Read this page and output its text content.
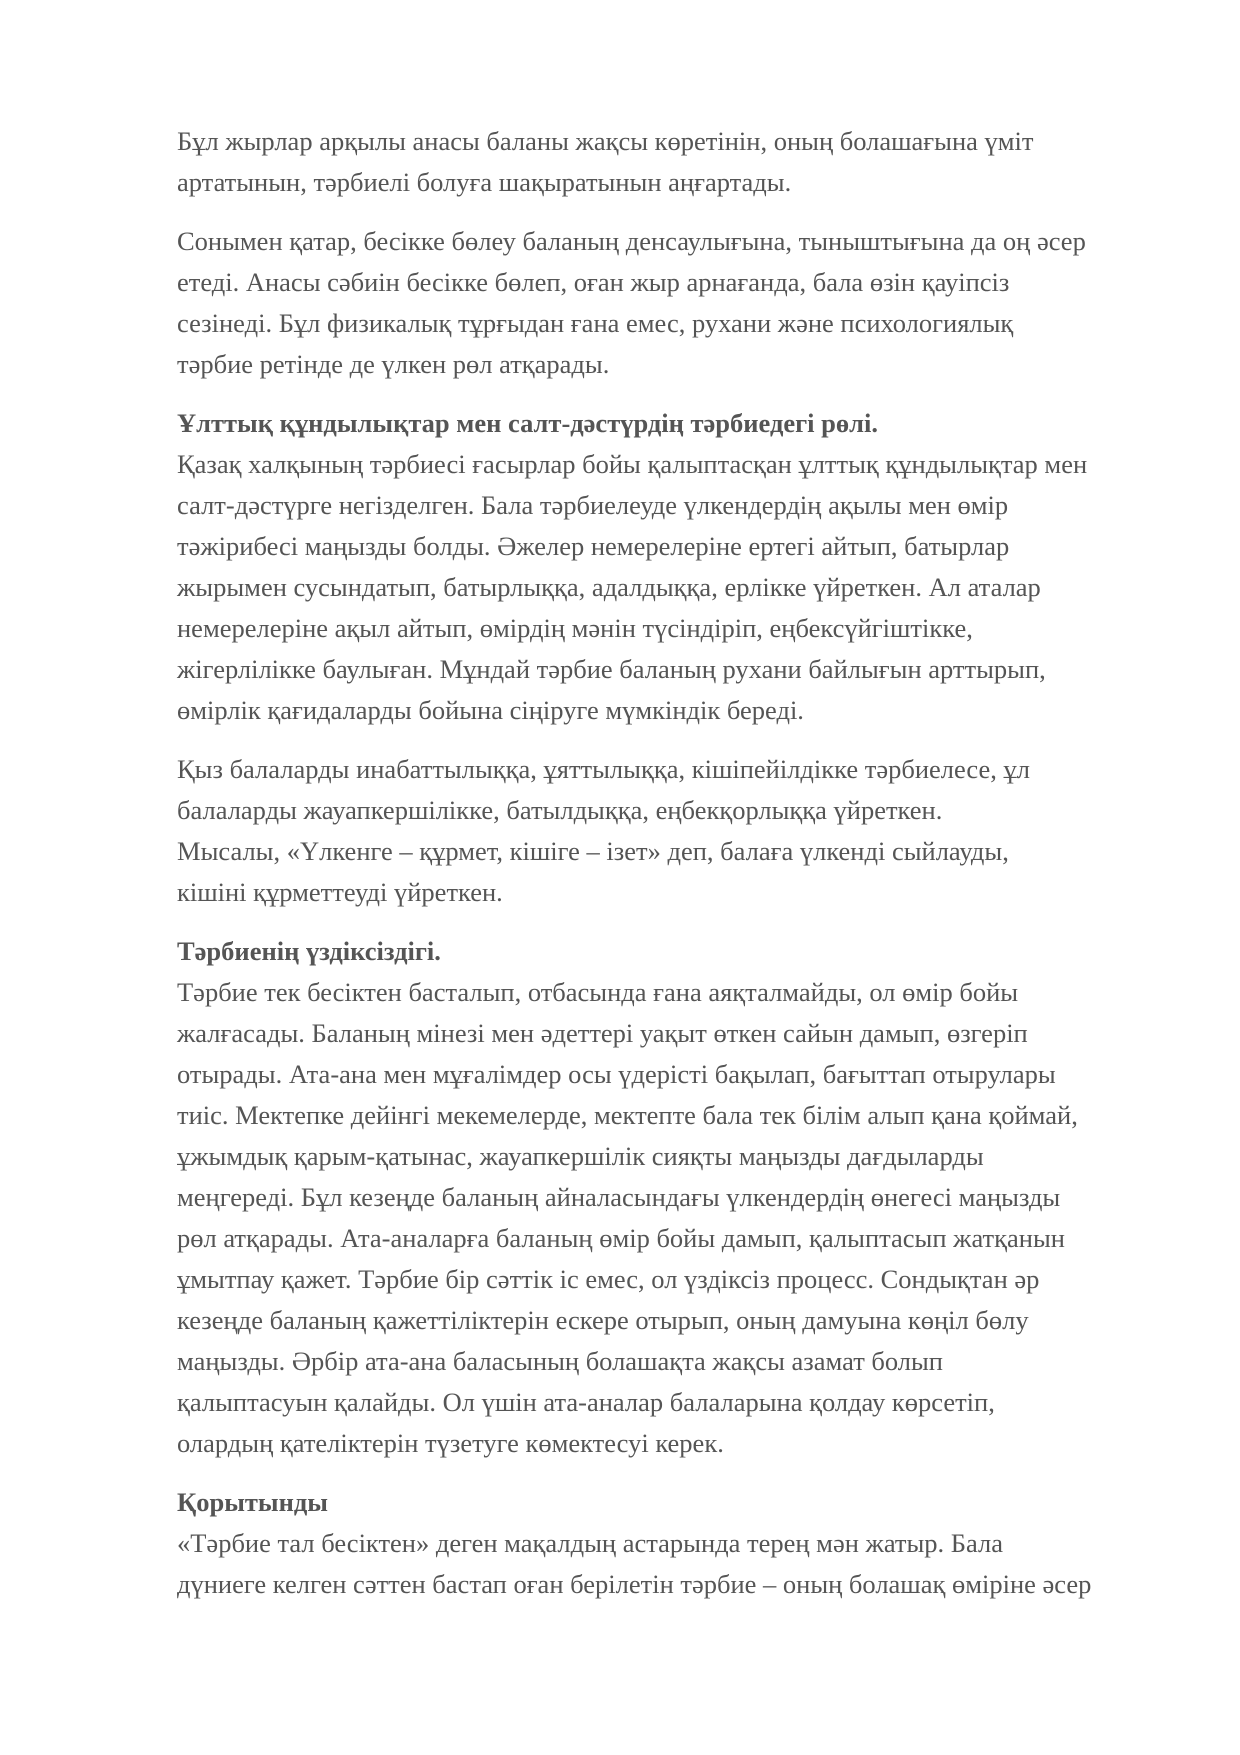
Бұл жырлар арқылы анасы баланы жақсы көретінін, оның болашағына үміт
артатынын, тәрбиелі болуға шақыратынын аңғартады.
Сонымен қатар, бесікке бөлеу баланың денсаулығына, тыныштығына да оң әсер
етеді. Анасы сәбиін бесікке бөлеп, оған жыр арнағанда, бала өзін қауіпсіз
сезінеді. Бұл физикалық тұрғыдан ғана емес, рухани және психологиялық
тәрбие ретінде де үлкен рөл атқарады.
Ұлттық құндылықтар мен салт-дәстүрдің тәрбиедегі рөлі.
Қазақ халқының тәрбиесі ғасырлар бойы қалыптасқан ұлттық құндылықтар мен
салт-дәстүрге негізделген. Бала тәрбиелеуде үлкендердің ақылы мен өмір
тәжірибесі маңызды болды. Әжелер немерелеріне ертегі айтып, батырлар
жырымен сусындатып, батырлыққа, адалдыққа, ерлікке үйреткен. Ал аталар
немерелеріне ақыл айтып, өмірдің мәнін түсіндіріп, еңбексүйгіштікке,
жігерлілікке баулыған. Мұндай тәрбие баланың рухани байлығын арттырып,
өмірлік қағидаларды бойына сіңіруге мүмкіндік береді.
Қыз балаларды инабаттылыққа, ұяттылыққа, кішіпейілдікке тәрбиелесе, ұл
балаларды жауапкершілікке, батылдыққа, еңбекқорлыққа үйреткен.
Мысалы, «Үлкенге – құрмет, кішіге – ізет» деп, балаға үлкенді сыйлауды,
кішіні құрметтеуді үйреткен.
Тәрбиенің үздіксіздігі.
Тәрбие тек бесіктен басталып, отбасында ғана аяқталмайды, ол өмір бойы
жалғасады. Баланың мінезі мен әдеттері уақыт өткен сайын дамып, өзгеріп
отырады. Ата-ана мен мұғалімдер осы үдерісті бақылап, бағыттап отырулары
тиіс. Мектепке дейінгі мекемелерде, мектепте бала тек білім алып қана қоймай,
ұжымдық қарым-қатынас, жауапкершілік сияқты маңызды дағдыларды
меңгереді. Бұл кезеңде баланың айналасындағы үлкендердің өнегесі маңызды
рөл атқарады. Ата-аналарға баланың өмір бойы дамып, қалыптасып жатқанын
ұмытпау қажет. Тәрбие бір сәттік іс емес, ол үздіксіз процесс. Сондықтан әр
кезеңде баланың қажеттіліктерін ескере отырып, оның дамуына көңіл бөлу
маңызды. Әрбір ата-ана баласының болашақта жақсы азамат болып
қалыптасуын қалайды. Ол үшін ата-аналар балаларына қолдау көрсетіп,
олардың қателіктерін түзетуге көмектесуі керек.
Қорытынды
«Тәрбие тал бесіктен» деген мақалдың астарында терең мән жатыр. Бала
дүниеге келген сәттен бастап оған берілетін тәрбие – оның болашақ өміріне әсер
